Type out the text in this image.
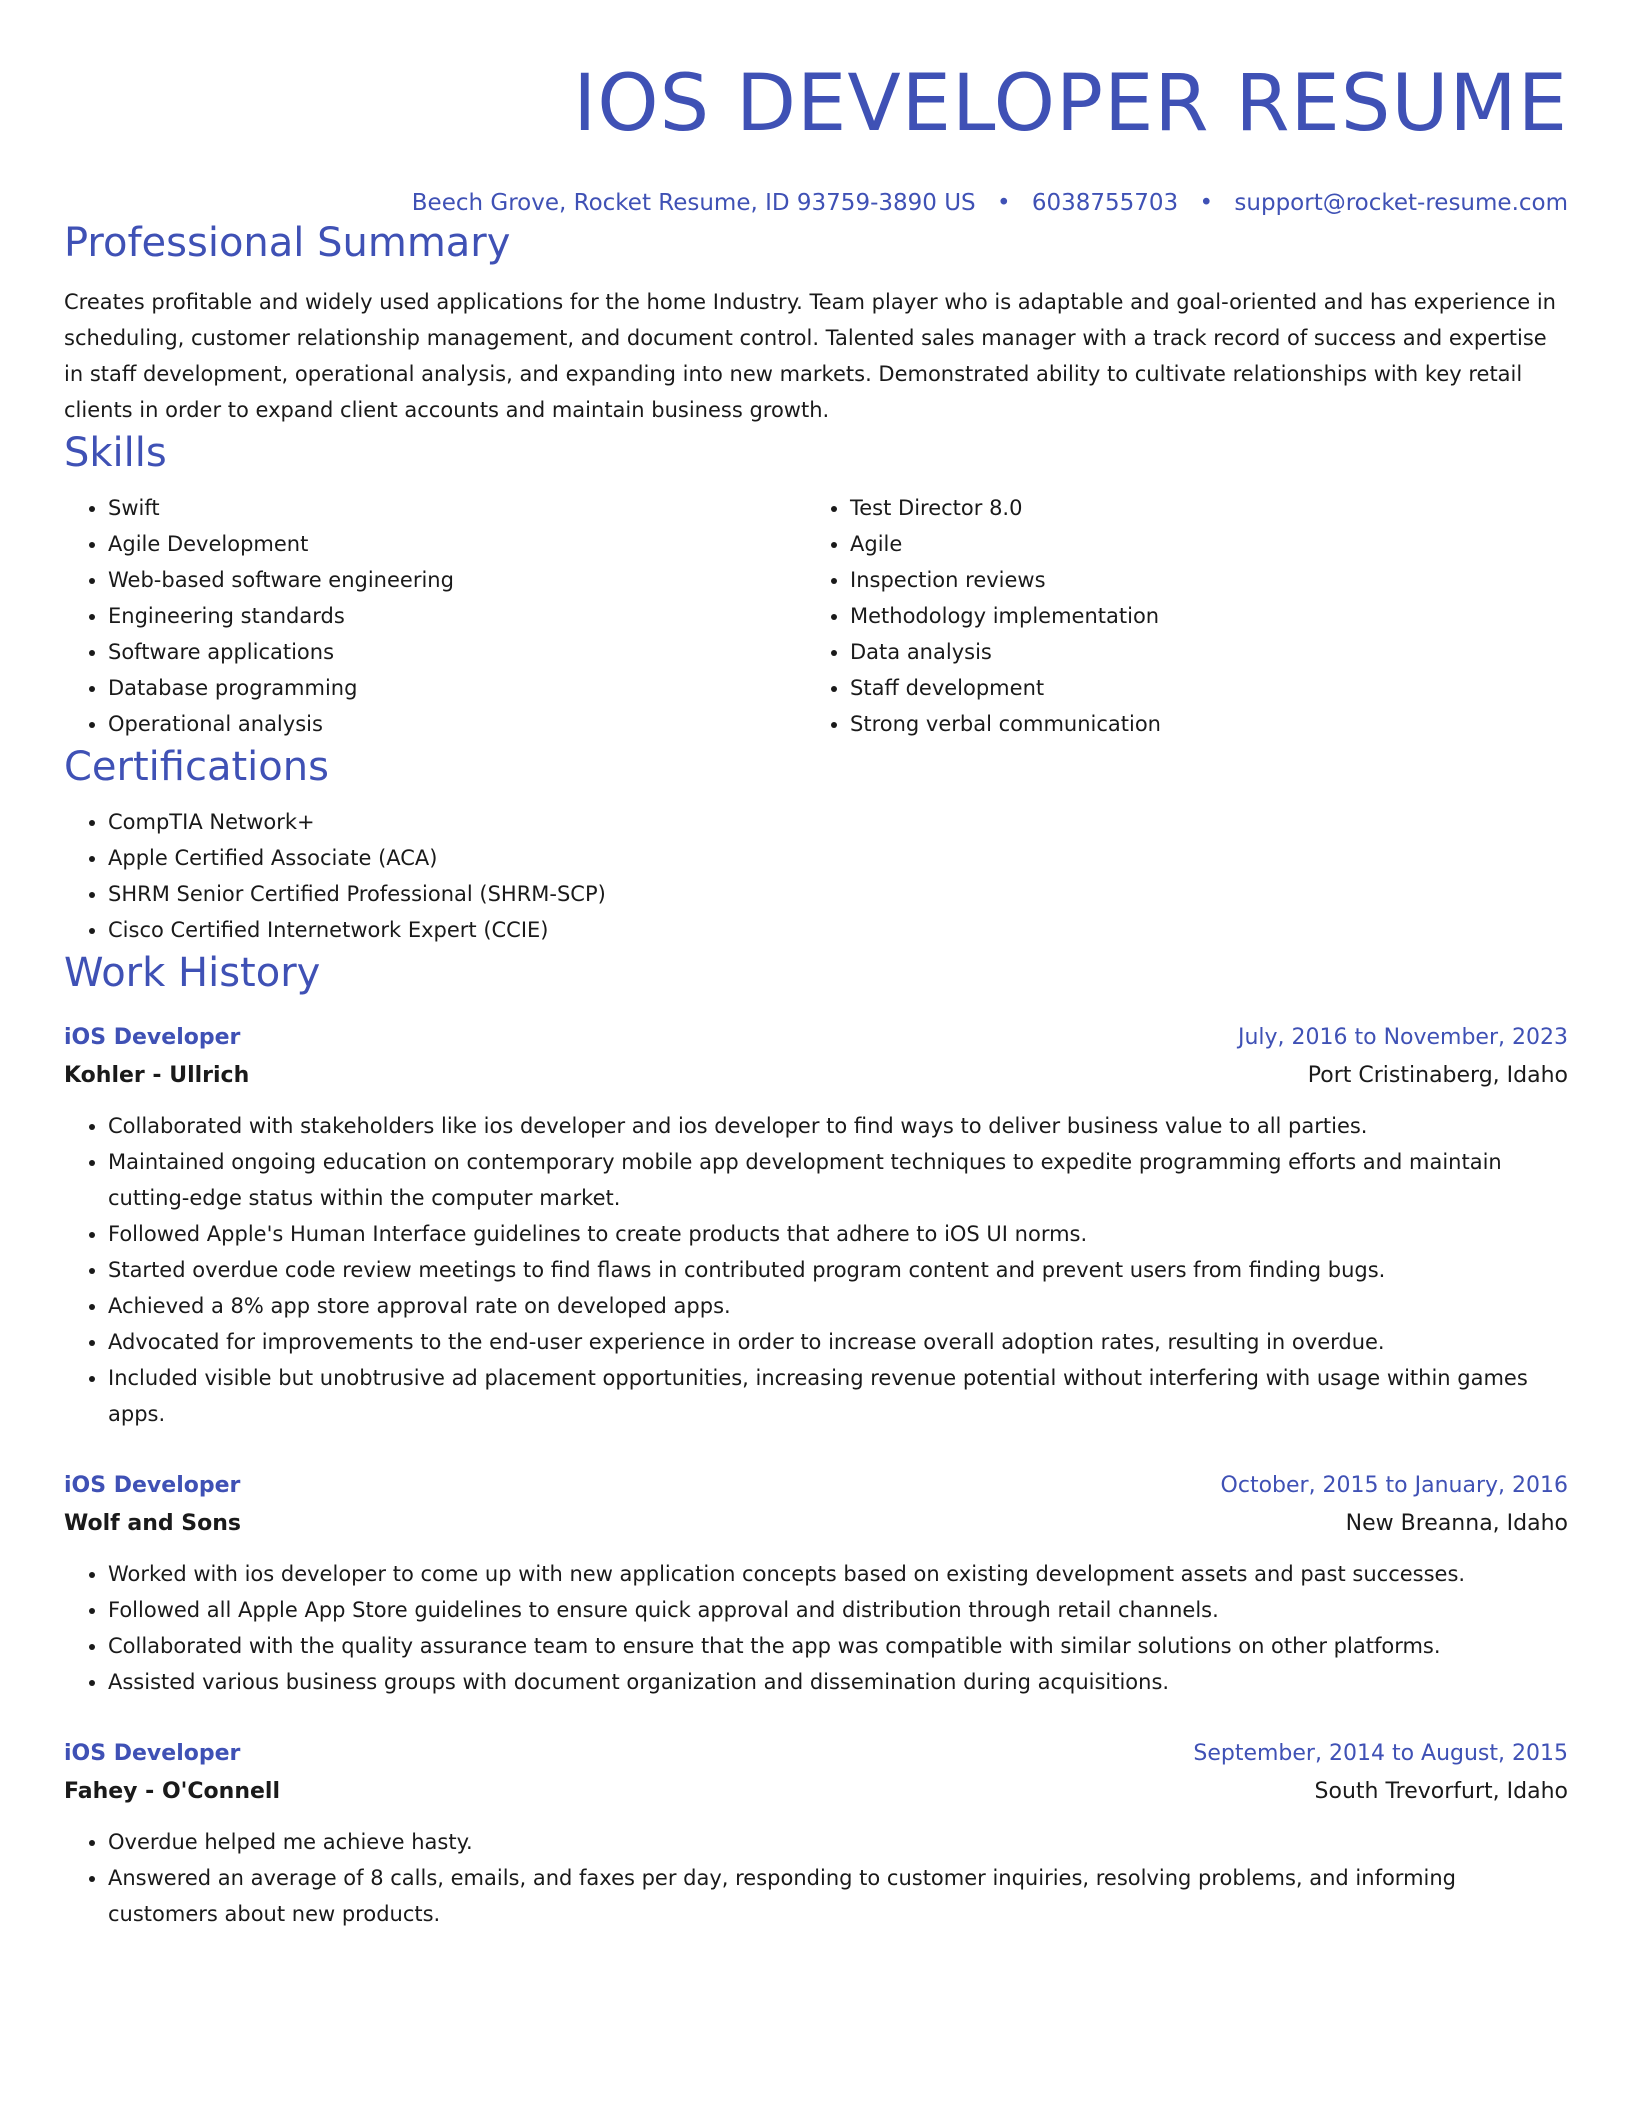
IOS DEVELOPER RESUME
Beech Grove, Rocket Resume, ID 93759-3890 US • 6038755703 • support@rocket-resume.com
Professional Summary

Creates profitable and widely used applications for the home Industry. Team player who is adaptable and goal-oriented and has experience in scheduling, customer relationship management, and document control. Talented sales manager with a track record of success and expertise in staff development, operational analysis, and expanding into new markets. Demonstrated ability to cultivate relationships with key retail clients in order to expand client accounts and maintain business growth.

Skills
• Swift
• Agile Development
• Web-based software engineering
• Engineering standards
• Software applications
• Database programming
• Operational analysis
• Test Director 8.0
• Agile
• Inspection reviews
• Methodology implementation
• Data analysis
• Staff development
• Strong verbal communication
Certifications
• CompTIA Network+
• Apple Certified Associate (ACA)
• SHRM Senior Certified Professional (SHRM-SCP)
• Cisco Certified Internetwork Expert (CCIE)
Work History
iOS Developer	July, 2016 to November, 2023
Kohler - Ullrich	Port Cristinaberg, Idaho
• Collaborated with stakeholders like ios developer and ios developer to find ways to deliver business value to all parties.
• Maintained ongoing education on contemporary mobile app development techniques to expedite programming efforts and maintain cutting-edge status within the computer market.
• Followed Apple's Human Interface guidelines to create products that adhere to iOS UI norms.
• Started overdue code review meetings to find flaws in contributed program content and prevent users from finding bugs.
• Achieved a 8% app store approval rate on developed apps.
• Advocated for improvements to the end-user experience in order to increase overall adoption rates, resulting in overdue.
• Included visible but unobtrusive ad placement opportunities, increasing revenue potential without interfering with usage within games apps.
iOS Developer	October, 2015 to January, 2016
Wolf and Sons	New Breanna, Idaho
• Worked with ios developer to come up with new application concepts based on existing development assets and past successes.
• Followed all Apple App Store guidelines to ensure quick approval and distribution through retail channels.
• Collaborated with the quality assurance team to ensure that the app was compatible with similar solutions on other platforms.
• Assisted various business groups with document organization and dissemination during acquisitions.
iOS Developer	September, 2014 to August, 2015
Fahey - O'Connell	South Trevorfurt, Idaho
• Overdue helped me achieve hasty.
• Answered an average of 8 calls, emails, and faxes per day, responding to customer inquiries, resolving problems, and informing customers about new products.
